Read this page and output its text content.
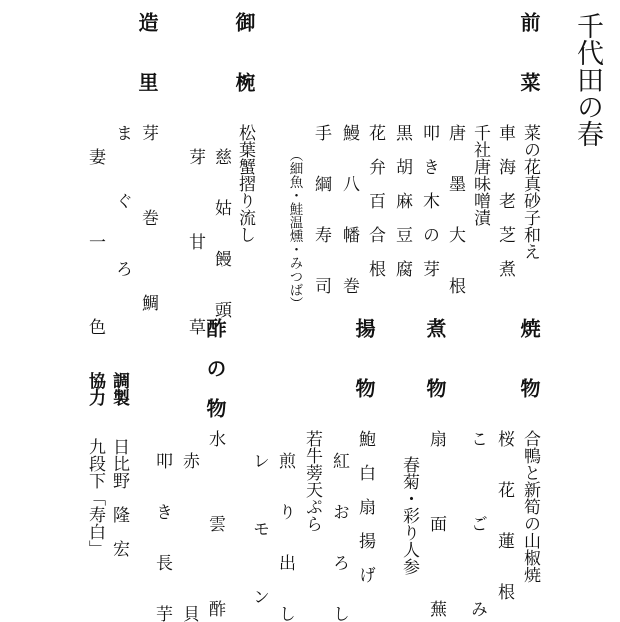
千代田の春
前　　菜
菜の花真砂子和え
車　海　老　芝　煮
千社唐味噌漬
唐　　墨　　大　　根
叩　き　木　の　芽
黒　胡　麻　豆　腐
花　弁　百　合　根
鰻　　八　　幡　　巻
手　　綱　　寿　　司
（細魚・鮭温燻・みつば）
御　　椀
松葉蟹摺り流し
慈　　姑　　饅　　頭
芽　　　　甘　　　　草
造　　里
芽　　　　巻　　　　鯛
ま　　　ぐ　　　ろ
妻　　　　一　　　　色
焼　　物
合鴨と新筍の山椒焼
桜　　花　　蓮　　根
こ　　　　ご　　　　み
煮　　物
扇　　　　面　　　　蕪
春菊・彩り人参
揚　　物
鮑　白　扇　揚　げ
紅　　お　　ろ　　し
若牛蒡天ぷら
煎　　り　　出　　し
レ　　　モ　　　ン
酢　の　物
水　　　　雲　　　　酢
赤　　　　　　　　貝
叩　　き　　長　　芋
調製
協力
日比野　隆　宏
九段下「寿白」
